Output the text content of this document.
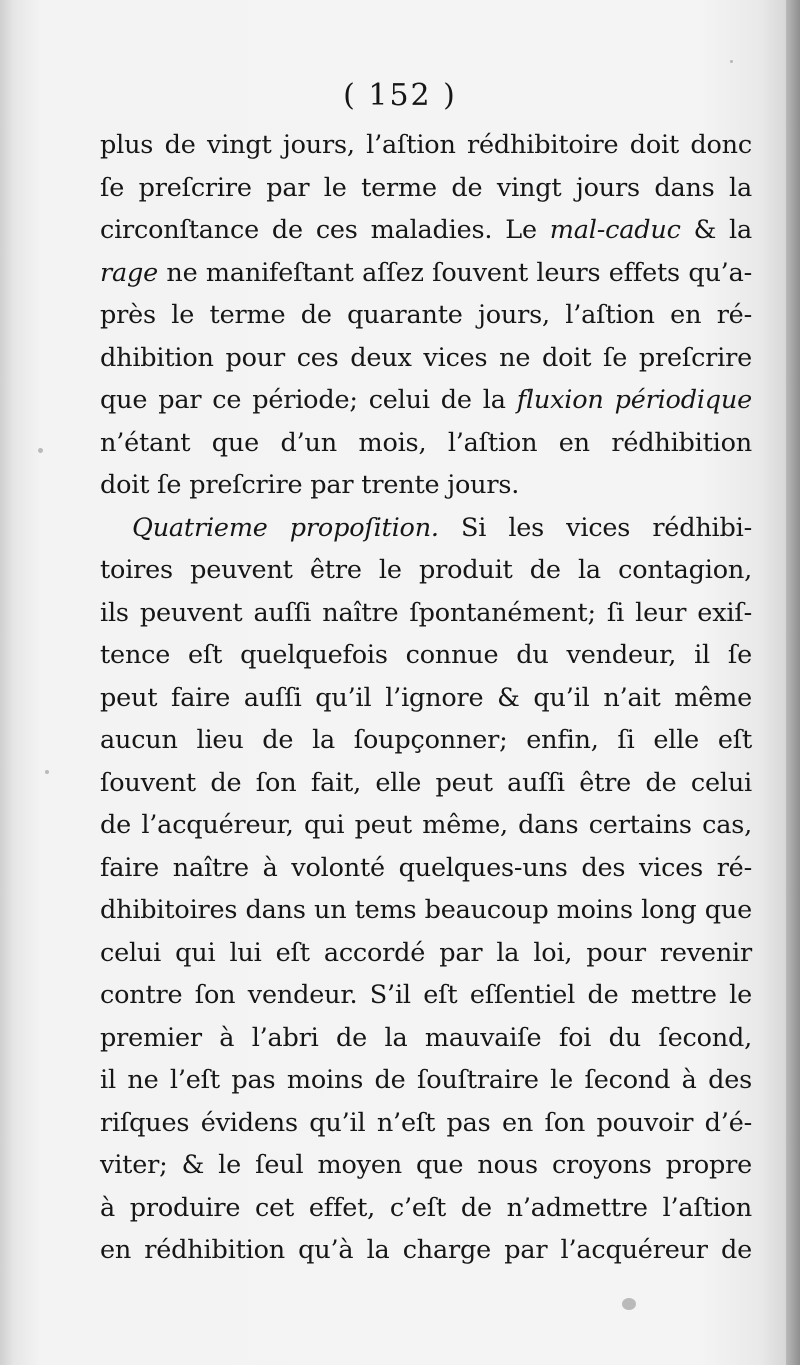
( 152 )
plus de vingt jours, l’aſtion rédhibitoire doit donc
ſe preſcrire par le terme de vingt jours dans la
circonſtance de ces maladies. Le mal-caduc & la
rage ne manifeſtant aſſez ſouvent leurs effets qu’a-
près le terme de quarante jours, l’aſtion en ré-
dhibition pour ces deux vices ne doit ſe preſcrire
que par ce période; celui de la fluxion périodique
n’étant que d’un mois, l’aſtion en rédhibition
doit ſe preſcrire par trente jours.
Quatrieme propoſition. Si les vices rédhibi-
toires peuvent être le produit de la contagion,
ils peuvent auſſi naître ſpontanément; ſi leur exiſ-
tence eſt quelquefois connue du vendeur, il ſe
peut faire auſſi qu’il l’ignore & qu’il n’ait même
aucun lieu de la ſoupçonner; enfin, ſi elle eſt
ſouvent de ſon fait, elle peut auſſi être de celui
de l’acquéreur, qui peut même, dans certains cas,
faire naître à volonté quelques-uns des vices ré-
dhibitoires dans un tems beaucoup moins long que
celui qui lui eſt accordé par la loi, pour revenir
contre ſon vendeur. S’il eſt eſſentiel de mettre le
premier à l’abri de la mauvaiſe foi du ſecond,
il ne l’eſt pas moins de ſouſtraire le ſecond à des
riſques évidens qu’il n’eſt pas en ſon pouvoir d’é-
viter; & le ſeul moyen que nous croyons propre
à produire cet effet, c’eſt de n’admettre l’aſtion
en rédhibition qu’à la charge par l’acquéreur de
